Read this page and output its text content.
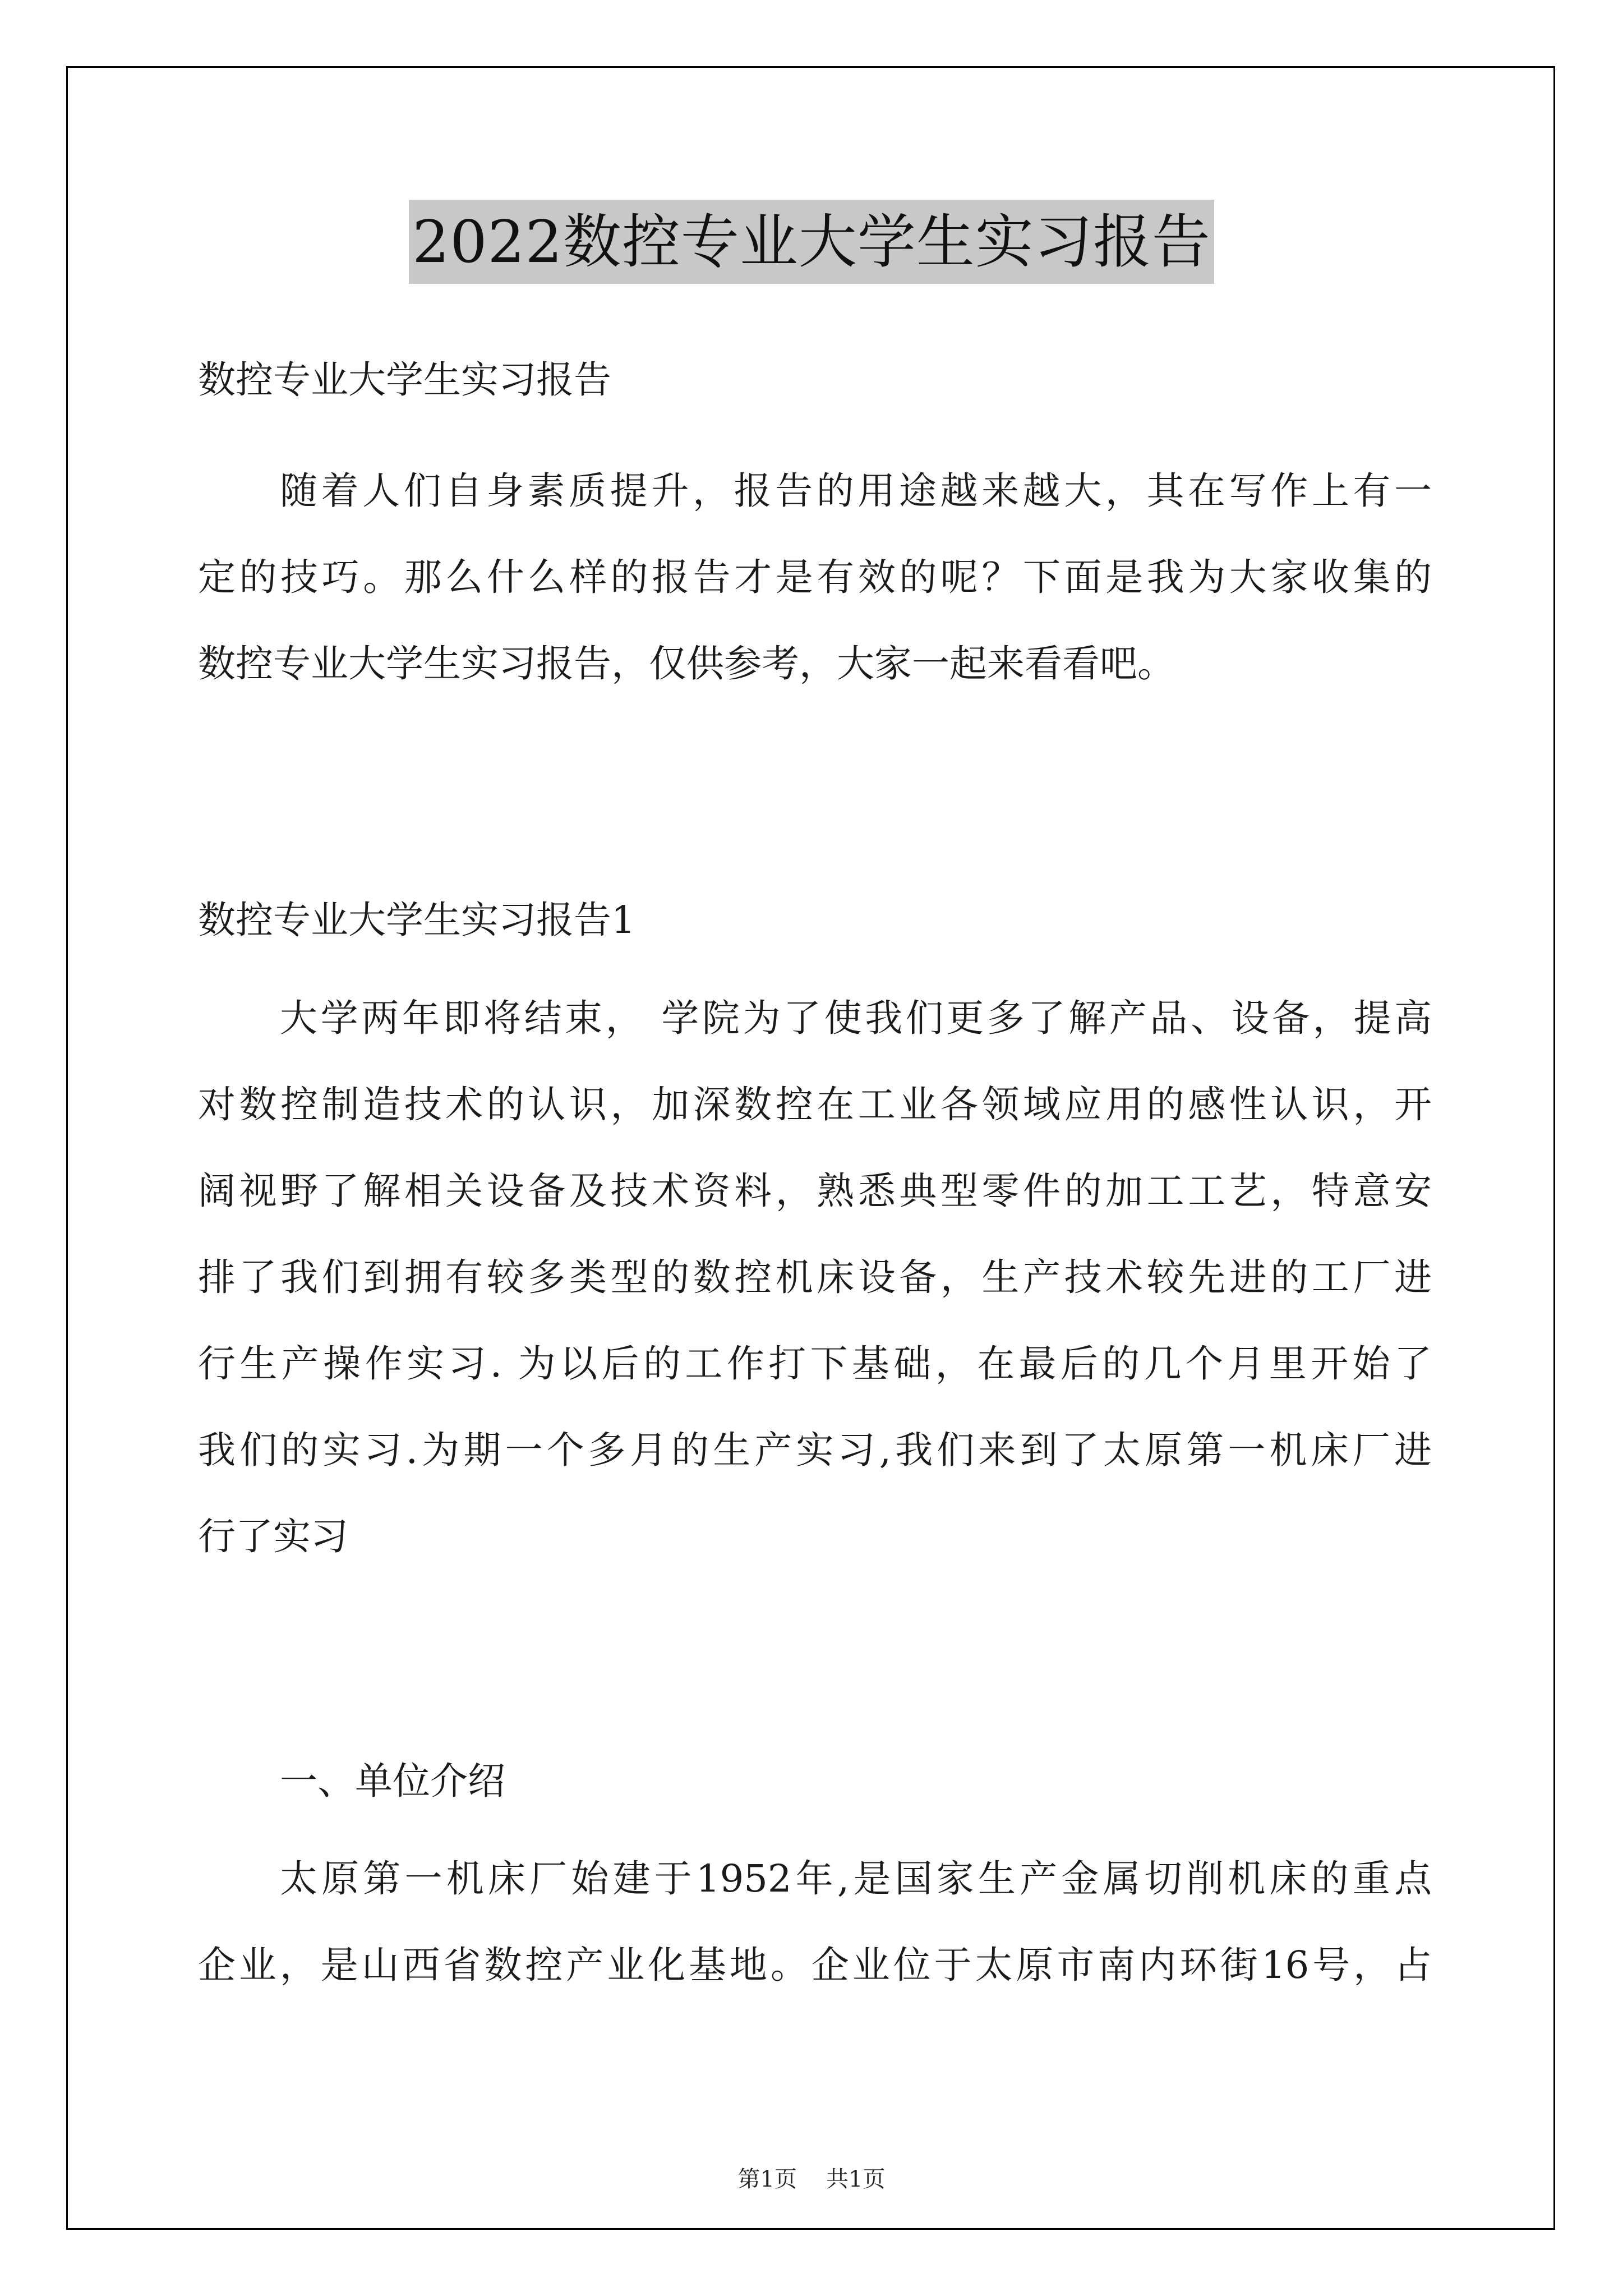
2022数控专业大学生实习报告
数控专业大学生实习报告
随着人们自身素质提升，报告的用途越来越大，其在写作上有一
定的技巧。那么什么样的报告才是有效的呢？下面是我为大家收集的
数控专业大学生实习报告，仅供参考，大家一起来看看吧。
数控专业大学生实习报告1
大学两年即将结束， 学院为了使我们更多了解产品、设备，提高
对数控制造技术的认识，加深数控在工业各领域应用的感性认识，开
阔视野了解相关设备及技术资料，熟悉典型零件的加工工艺，特意安
排了我们到拥有较多类型的数控机床设备，生产技术较先进的工厂进
行生产操作实习. 为以后的工作打下基础，在最后的几个月里开始了
我们的实习.为期一个多月的生产实习,我们来到了太原第一机床厂进
行了实习
一、单位介绍
太原第一机床厂始建于1952年,是国家生产金属切削机床的重点
企业，是山西省数控产业化基地。企业位于太原市南内环街16号，占
第1页 共1页
